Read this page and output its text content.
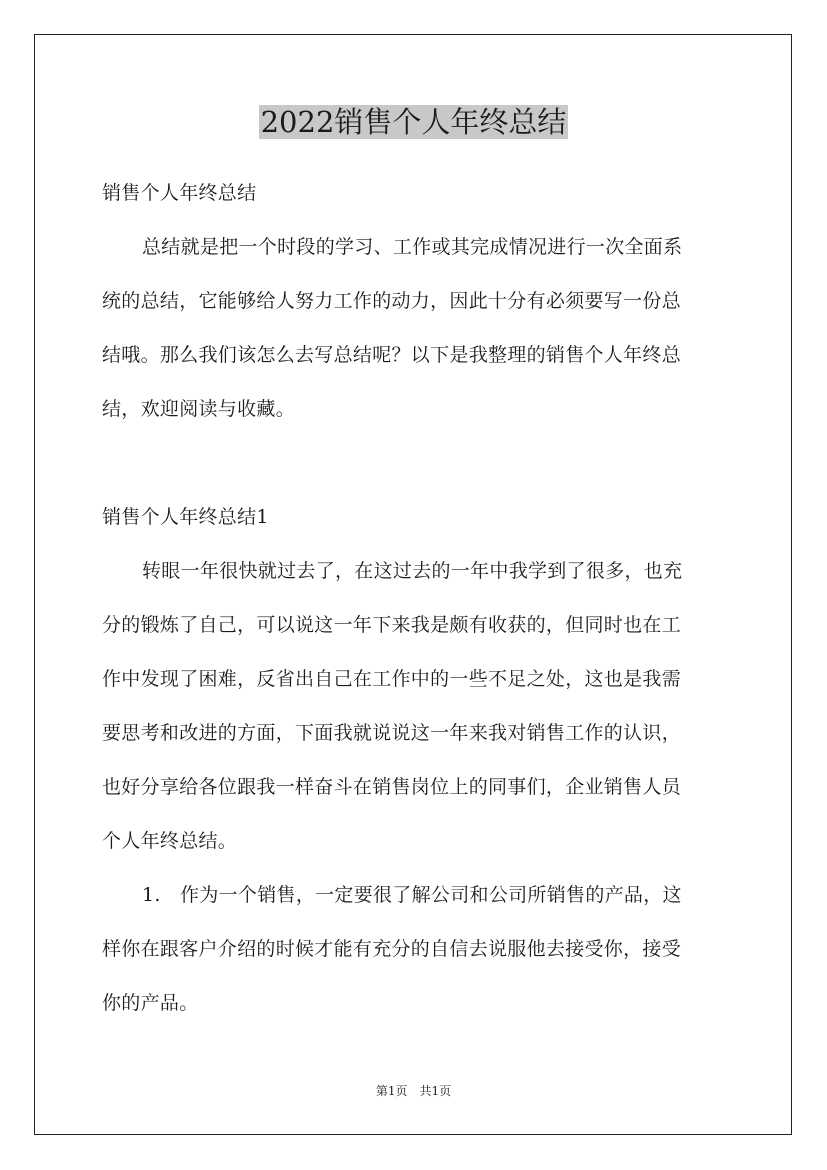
2022销售个人年终总结

销售个人年终总结

总结就是把一个时段的学习、工作或其完成情况进行一次全面系

统的总结，它能够给人努力工作的动力，因此十分有必须要写一份总

结哦。那么我们该怎么去写总结呢？以下是我整理的销售个人年终总

结，欢迎阅读与收藏。

销售个人年终总结1

转眼一年很快就过去了，在这过去的一年中我学到了很多，也充

分的锻炼了自己，可以说这一年下来我是颇有收获的，但同时也在工

作中发现了困难，反省出自己在工作中的一些不足之处，这也是我需

要思考和改进的方面，下面我就说说这一年来我对销售工作的认识，

也好分享给各位跟我一样奋斗在销售岗位上的同事们，企业销售人员

个人年终总结。

1.　作为一个销售，一定要很了解公司和公司所销售的产品，这

样你在跟客户介绍的时候才能有充分的自信去说服他去接受你，接受

你的产品。

第1页　共1页
